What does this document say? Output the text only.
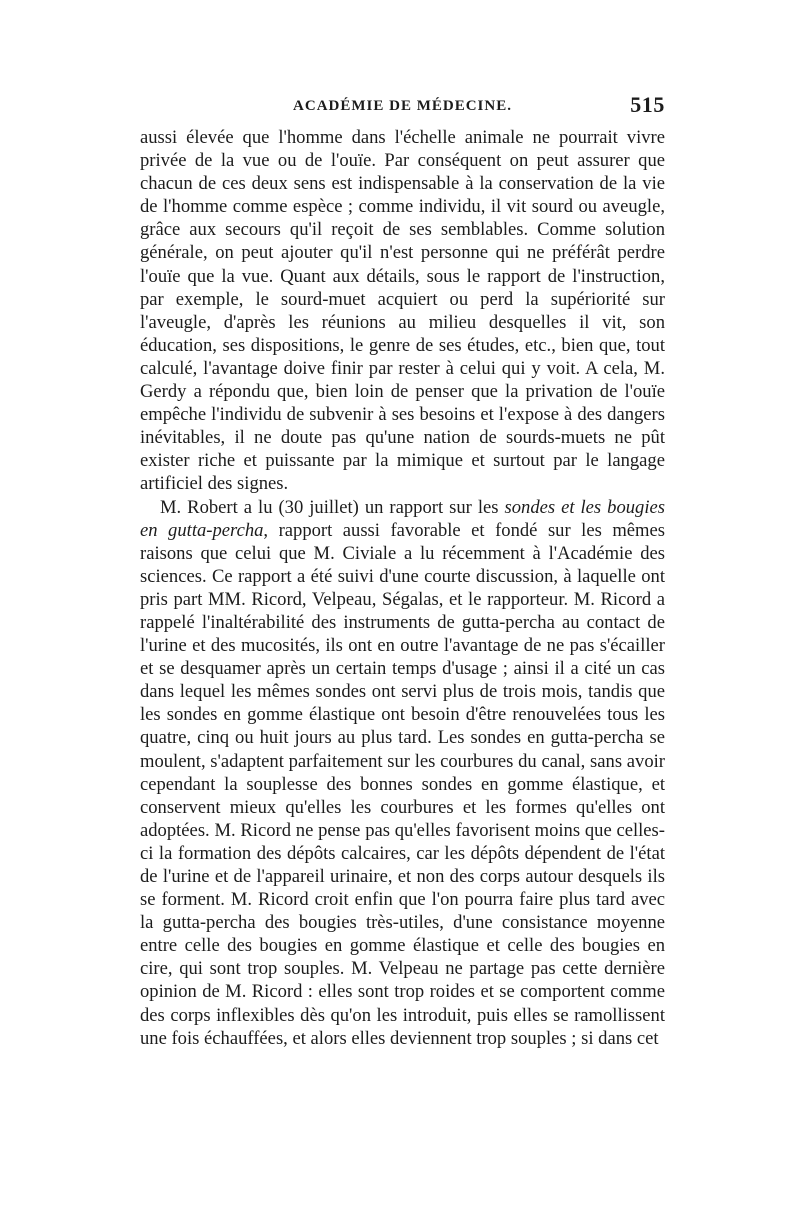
ACADÉMIE DE MÉDECINE.	515

aussi élevée que l'homme dans l'échelle animale ne pourrait vivre privée de la vue ou de l'ouïe. Par conséquent on peut assurer que chacun de ces deux sens est indispensable à la conservation de la vie de l'homme comme espèce ; comme individu, il vit sourd ou aveugle, grâce aux secours qu'il reçoit de ses semblables. Comme solution générale, on peut ajouter qu'il n'est personne qui ne préférât perdre l'ouïe que la vue. Quant aux détails, sous le rapport de l'instruction, par exemple, le sourd-muet acquiert ou perd la supériorité sur l'aveugle, d'après les réunions au milieu desquelles il vit, son éducation, ses dispositions, le genre de ses études, etc., bien que, tout calculé, l'avantage doive finir par rester à celui qui y voit. A cela, M. Gerdy a répondu que, bien loin de penser que la privation de l'ouïe empêche l'individu de subvenir à ses besoins et l'expose à des dangers inévitables, il ne doute pas qu'une nation de sourds-muets ne pût exister riche et puissante par la mimique et surtout par le langage artificiel des signes.

M. Robert a lu (30 juillet) un rapport sur les sondes et les bougies en gutta-percha, rapport aussi favorable et fondé sur les mêmes raisons que celui que M. Civiale a lu récemment à l'Académie des sciences. Ce rapport a été suivi d'une courte discussion, à laquelle ont pris part MM. Ricord, Velpeau, Ségalas, et le rapporteur. M. Ricord a rappelé l'inaltérabilité des instruments de gutta-percha au contact de l'urine et des mucosités, ils ont en outre l'avantage de ne pas s'écailler et se desquamer après un certain temps d'usage ; ainsi il a cité un cas dans lequel les mêmes sondes ont servi plus de trois mois, tandis que les sondes en gomme élastique ont besoin d'être renouvelées tous les quatre, cinq ou huit jours au plus tard. Les sondes en gutta-percha se moulent, s'adaptent parfaitement sur les courbures du canal, sans avoir cependant la souplesse des bonnes sondes en gomme élastique, et conservent mieux qu'elles les courbures et les formes qu'elles ont adoptées. M. Ricord ne pense pas qu'elles favorisent moins que celles-ci la formation des dépôts calcaires, car les dépôts dépendent de l'état de l'urine et de l'appareil urinaire, et non des corps autour desquels ils se forment. M. Ricord croit enfin que l'on pourra faire plus tard avec la gutta-percha des bougies très-utiles, d'une consistance moyenne entre celle des bougies en gomme élastique et celle des bougies en cire, qui sont trop souples. M. Velpeau ne partage pas cette dernière opinion de M. Ricord : elles sont trop roides et se comportent comme des corps inflexibles dès qu'on les introduit, puis elles se ramollissent une fois échauffées, et alors elles deviennent trop souples ; si dans cet
